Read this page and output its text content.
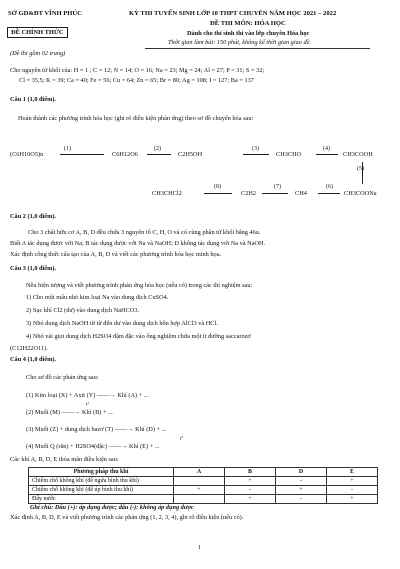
SỞ GD&ĐT VĨNH PHÚC	KỲ THI TUYỂN SINH LỚP 10 THPT CHUYÊN NĂM HỌC 2021 – 2022
ĐỀ THI MÔN: HÓA HỌC
Dành cho thí sinh thi vào lớp chuyên Hóa học
Thời gian làm bài: 150 phút, không kể thời gian giao đề.
ĐỀ CHÍNH THỨC
(Đề thi gồm 02 trang)
Cho nguyên tử khối của: H = 1 ; C = 12; N = 14; O = 16; Na = 23; Mg = 24; Al = 27; P = 31; S = 32;
Cl = 35,5; K = 39; Ca = 40; Fe = 56; Cu = 64; Zn = 65; Br = 80; Ag = 108; I = 127; Ba = 137
Câu 1 (1,0 điểm).
Hoàn thành các phương trình hóa học (ghi rõ điều kiện phản ứng) theo sơ đồ chuyển hóa sau:
(C6H10O5)n
(1)
C6H12O6
(2)
C2H5OH
(3)
CH3CHO
(4)
CH3COOH
(5)
CH3CHCl2
(8)
C2H2
(7)
CH4
(6)
CH3COONa
Câu 2 (1,0 điểm).
Cho 3 chất hữu cơ A, B, D đều chứa 3 nguyên tố C, H, O và có cùng phân tử khối bằng 46u.
Biết A tác dụng được với Na; B tác dụng được với Na và NaOH; D không tác dụng với Na và NaOH.
Xác định công thức cấu tạo của A, B, D và viết các phương trình hóa học minh họa.
Câu 3 (1,0 điểm).
Nêu hiện tượng và viết phương trình phản ứng hóa học (nếu có) trong các thí nghiệm sau:
1) Cho một mẩu nhỏ kim loại Na vào dung dịch CuSO4.
2) Sục khí Cl2 (dư) vào dung dịch NaHCO3.
3) Nhỏ dung dịch NaOH từ từ đến dư vào dung dịch hỗn hợp AlCl3 và HCl.
4) Nhỏ vài giọt dung dịch H2SO4 đậm đặc vào ống nghiệm chứa một ít đường saccarozơ
(C12H22O11).
Câu 4 (1,0 điểm).
Cho sơ đồ các phản ứng sau:
(1) Kim loại (X) + Axit (Y) ——→ Khí (A) + ...
(2) Muối (M) ——→ Khí (B) + ...
t°
(3) Muối (Z) + dung dịch bazơ (T) ——→ Khí (D) + ...
(4) Muối Q (rắn) + H2SO4(đặc) ——→ Khí (E) + ...
t°
Các khí A, B, D, E thỏa mãn điều kiện sau:
Phương pháp thu khí	A	B	D	E
Chiếm chỗ không khí (để ngửa bình thu khí)		+	-	+
Chiếm chỗ không khí (để úp bình thu khí)	+	-	+	-
Đẩy nước		+	-	+
Ghi chú: Dấu (+): áp dụng được; dấu (-): không áp dụng được
Xác định A, B, D, E và viết phương trình các phản ứng (1, 2, 3, 4), ghi rõ điều kiện (nếu có).
1
